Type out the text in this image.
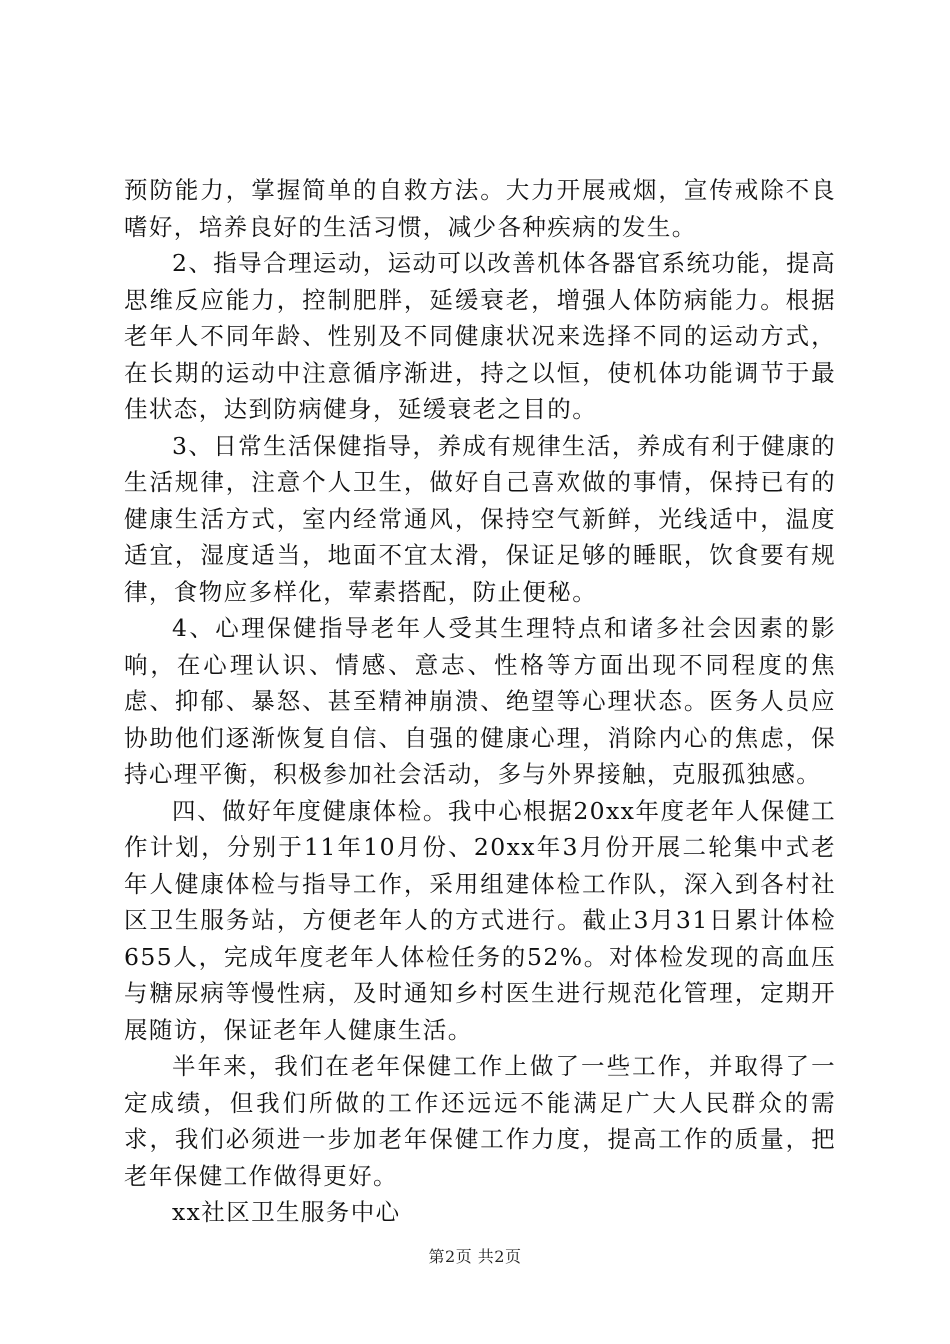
预防能力，掌握简单的自救方法。大力开展戒烟，宣传戒除不良嗜好，培养良好的生活习惯，减少各种疾病的发生。

2、指导合理运动，运动可以改善机体各器官系统功能，提高思维反应能力，控制肥胖，延缓衰老，增强人体防病能力。根据老年人不同年龄、性别及不同健康状况来选择不同的运动方式，在长期的运动中注意循序渐进，持之以恒，使机体功能调节于最佳状态，达到防病健身，延缓衰老之目的。

3、日常生活保健指导，养成有规律生活，养成有利于健康的生活规律，注意个人卫生，做好自己喜欢做的事情，保持已有的健康生活方式，室内经常通风，保持空气新鲜，光线适中，温度适宜，湿度适当，地面不宜太滑，保证足够的睡眠，饮食要有规律，食物应多样化，荤素搭配，防止便秘。

4、心理保健指导老年人受其生理特点和诸多社会因素的影响，在心理认识、情感、意志、性格等方面出现不同程度的焦虑、抑郁、暴怒、甚至精神崩溃、绝望等心理状态。医务人员应协助他们逐渐恢复自信、自强的健康心理，消除内心的焦虑，保持心理平衡，积极参加社会活动，多与外界接触，克服孤独感。

四、做好年度健康体检。我中心根据20xx年度老年人保健工作计划，分别于11年10月份、20xx年3月份开展二轮集中式老年人健康体检与指导工作，采用组建体检工作队，深入到各村社区卫生服务站，方便老年人的方式进行。截止3月31日累计体检655人，完成年度老年人体检任务的52%。对体检发现的高血压与糖尿病等慢性病，及时通知乡村医生进行规范化管理，定期开展随访，保证老年人健康生活。

半年来，我们在老年保健工作上做了一些工作，并取得了一定成绩，但我们所做的工作还远远不能满足广大人民群众的需求，我们必须进一步加老年保健工作力度，提高工作的质量，把老年保健工作做得更好。

xx社区卫生服务中心

第2页 共2页
